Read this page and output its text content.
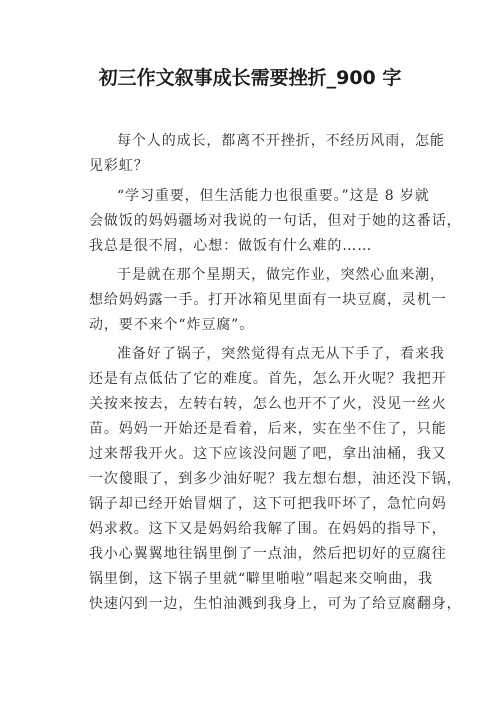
初三作文叙事成长需要挫折_900 字
每个人的成长，都离不开挫折，不经历风雨，怎能
见彩虹？
“学习重要，但生活能力也很重要。”这是 8 岁就
会做饭的妈妈疆场对我说的一句话，但对于她的这番话，
我总是很不屑，心想：做饭有什么难的……
于是就在那个星期天，做完作业，突然心血来潮，
想给妈妈露一手。打开冰箱见里面有一块豆腐，灵机一
动，要不来个“炸豆腐”。
准备好了锅子，突然觉得有点无从下手了，看来我
还是有点低估了它的难度。首先，怎么开火呢？我把开
关按来按去，左转右转，怎么也开不了火，没见一丝火
苗。妈妈一开始还是看着，后来，实在坐不住了，只能
过来帮我开火。这下应该没问题了吧，拿出油桶，我又
一次傻眼了，到多少油好呢？我左想右想，油还没下锅，
锅子却已经开始冒烟了，这下可把我吓坏了，急忙向妈
妈求救。这下又是妈妈给我解了围。在妈妈的指导下，
我小心翼翼地往锅里倒了一点油，然后把切好的豆腐往
锅里倒，这下锅子里就“噼里啪啦”唱起来交响曲，我
快速闪到一边，生怕油溅到我身上，可为了给豆腐翻身，
